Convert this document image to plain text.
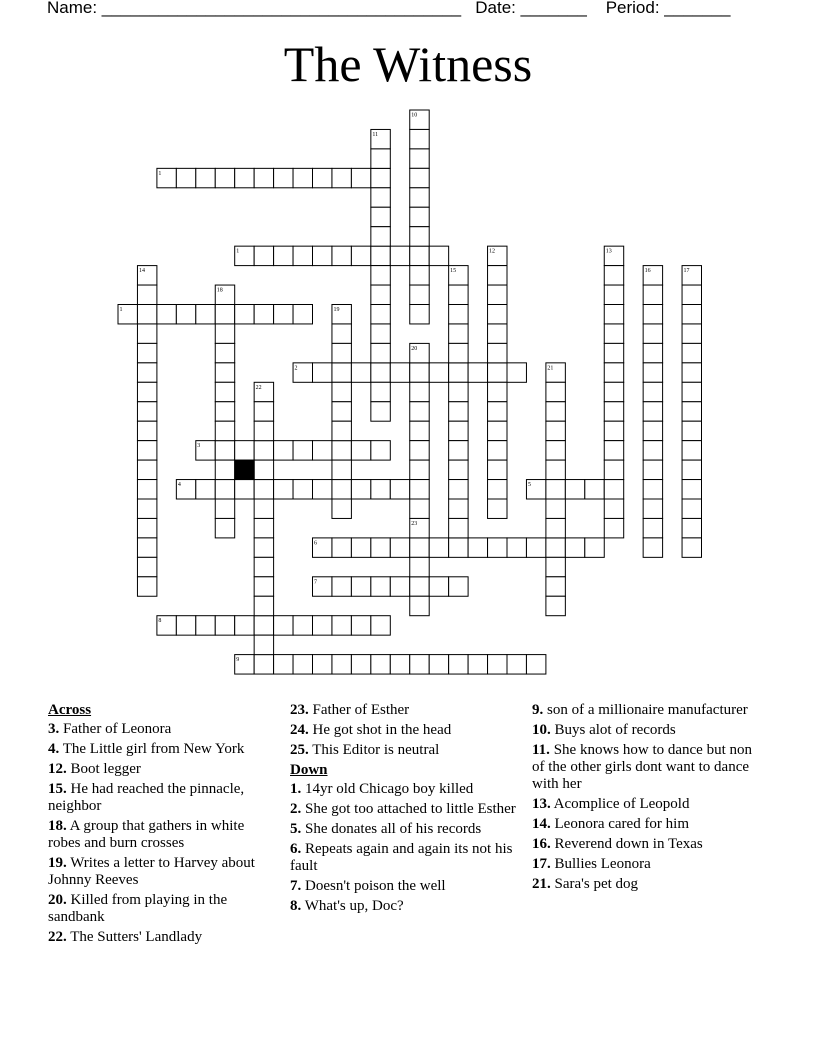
Name: ______________________________________ Date: _______ Period: _______
The Witness
1
1
1
2
3
4	5
6
7
8
9
10
11
12	13
14	15	16	17
18
19
20
21
22
23
Across
3. Father of Leonora
4. The Little girl from New York
12. Boot legger
15. He had reached the pinnacle, neighbor
18. A group that gathers in white robes and burn crosses
19. Writes a letter to Harvey about Johnny Reeves
20. Killed from playing in the sandbank
22. The Sutters' Landlady
23. Father of Esther
24. He got shot in the head
25. This Editor is neutral
Down
1. 14yr old Chicago boy killed
2. She got too attached to little Esther
5. She donates all of his records
6. Repeats again and again its not his fault
7. Doesn't poison the well
8. What's up, Doc?
9. son of a millionaire manufacturer
10. Buys alot of records
11. She knows how to dance but non of the other girls dont want to dance with her
13. Acomplice of Leopold
14. Leonora cared for him
16. Reverend down in Texas
17. Bullies Leonora
21. Sara's pet dog
